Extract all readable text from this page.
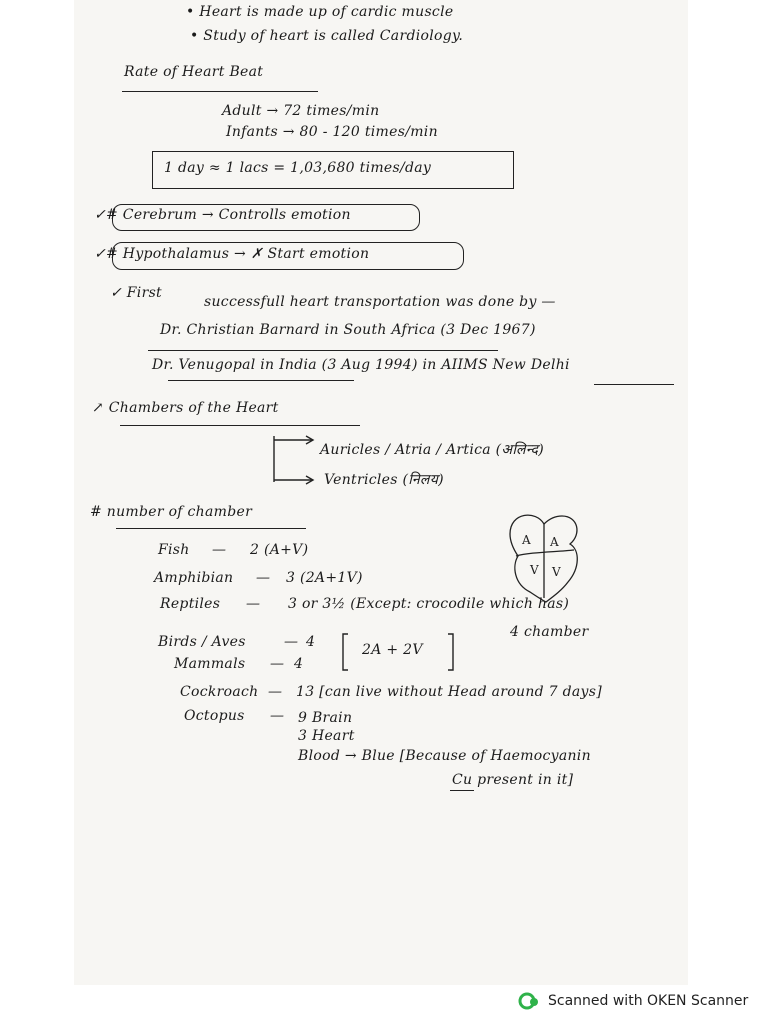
• Heart is made up of cardic muscle
• Study of heart is called Cardiology.
Rate of Heart Beat
Adult → 72 times/min
Infants → 80 - 120 times/min
1 day ≈ 1 lacs = 1,03,680 times/day
✓# Cerebrum → Controlls emotion
✓# Hypothalamus → ✗ Start emotion
✓ First
successfull heart transportation was done by —
Dr. Christian Barnard in South Africa (3 Dec 1967)
Dr. Venugopal in India (3 Aug 1994) in AIIMS New Delhi
↗ Chambers of the Heart
Auricles / Atria / Artica (अलिन्द)
Ventricles (निलय)
# number of chamber
Fish — 2 (A+V)
Amphibian — 3 (2A+1V)
Reptiles — 3 or 3½ (Except: crocodile which has)
4 chamber
Birds / Aves	— 4
Mammals — 4
2A + 2V
Cockroach — 13 [can live without Head around 7 days]
Octopus — 9 Brain
3 Heart
Blood → Blue [Because of Haemocyanin
Cu present in it]
A A
V V
Scanned with OKEN Scanner
